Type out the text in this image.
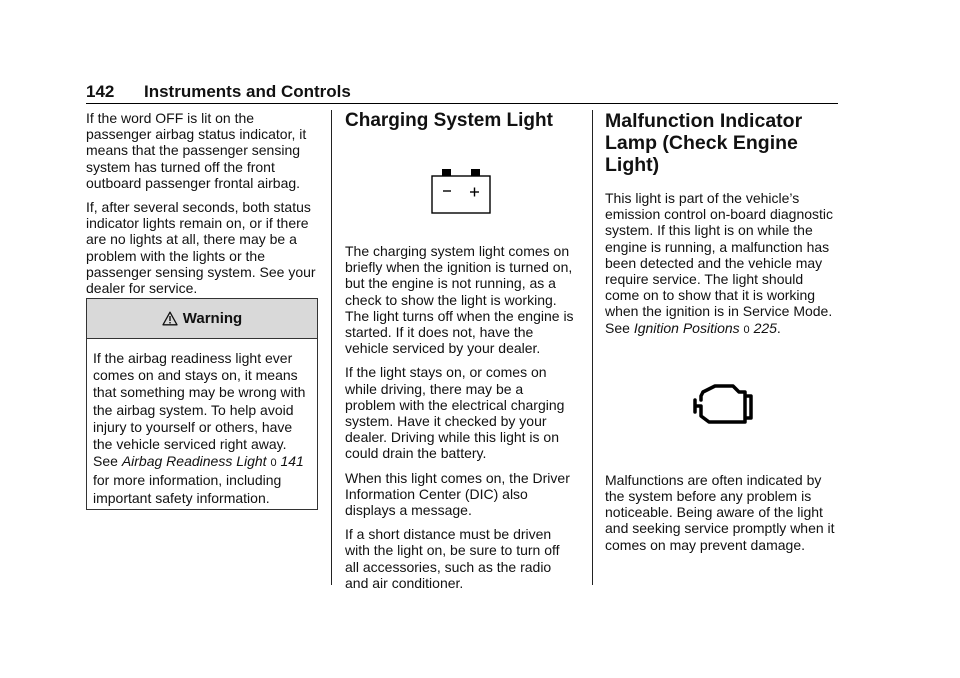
142 Instruments and Controls

If the word OFF is lit on the passenger airbag status indicator, it means that the passenger sensing system has turned off the front outboard passenger frontal airbag.

If, after several seconds, both status indicator lights remain on, or if there are no lights at all, there may be a problem with the lights or the passenger sensing system. See your dealer for service.

Warning
If the airbag readiness light ever comes on and stays on, it means that something may be wrong with the airbag system. To help avoid injury to yourself or others, have the vehicle serviced right away. See Airbag Readiness Light 0 141 for more information, including important safety information.
Charging System Light

The charging system light comes on briefly when the ignition is turned on, but the engine is not running, as a check to show the light is working. The light turns off when the engine is started. If it does not, have the vehicle serviced by your dealer.

If the light stays on, or comes on while driving, there may be a problem with the electrical charging system. Have it checked by your dealer. Driving while this light is on could drain the battery.

When this light comes on, the Driver Information Center (DIC) also displays a message.

If a short distance must be driven with the light on, be sure to turn off all accessories, such as the radio and air conditioner.

Malfunction Indicator Lamp (Check Engine Light)

This light is part of the vehicle’s emission control on-board diagnostic system. If this light is on while the engine is running, a malfunction has been detected and the vehicle may require service. The light should come on to show that it is working when the ignition is in Service Mode. See Ignition Positions 0 225.

Malfunctions are often indicated by the system before any problem is noticeable. Being aware of the light and seeking service promptly when it comes on may prevent damage.
